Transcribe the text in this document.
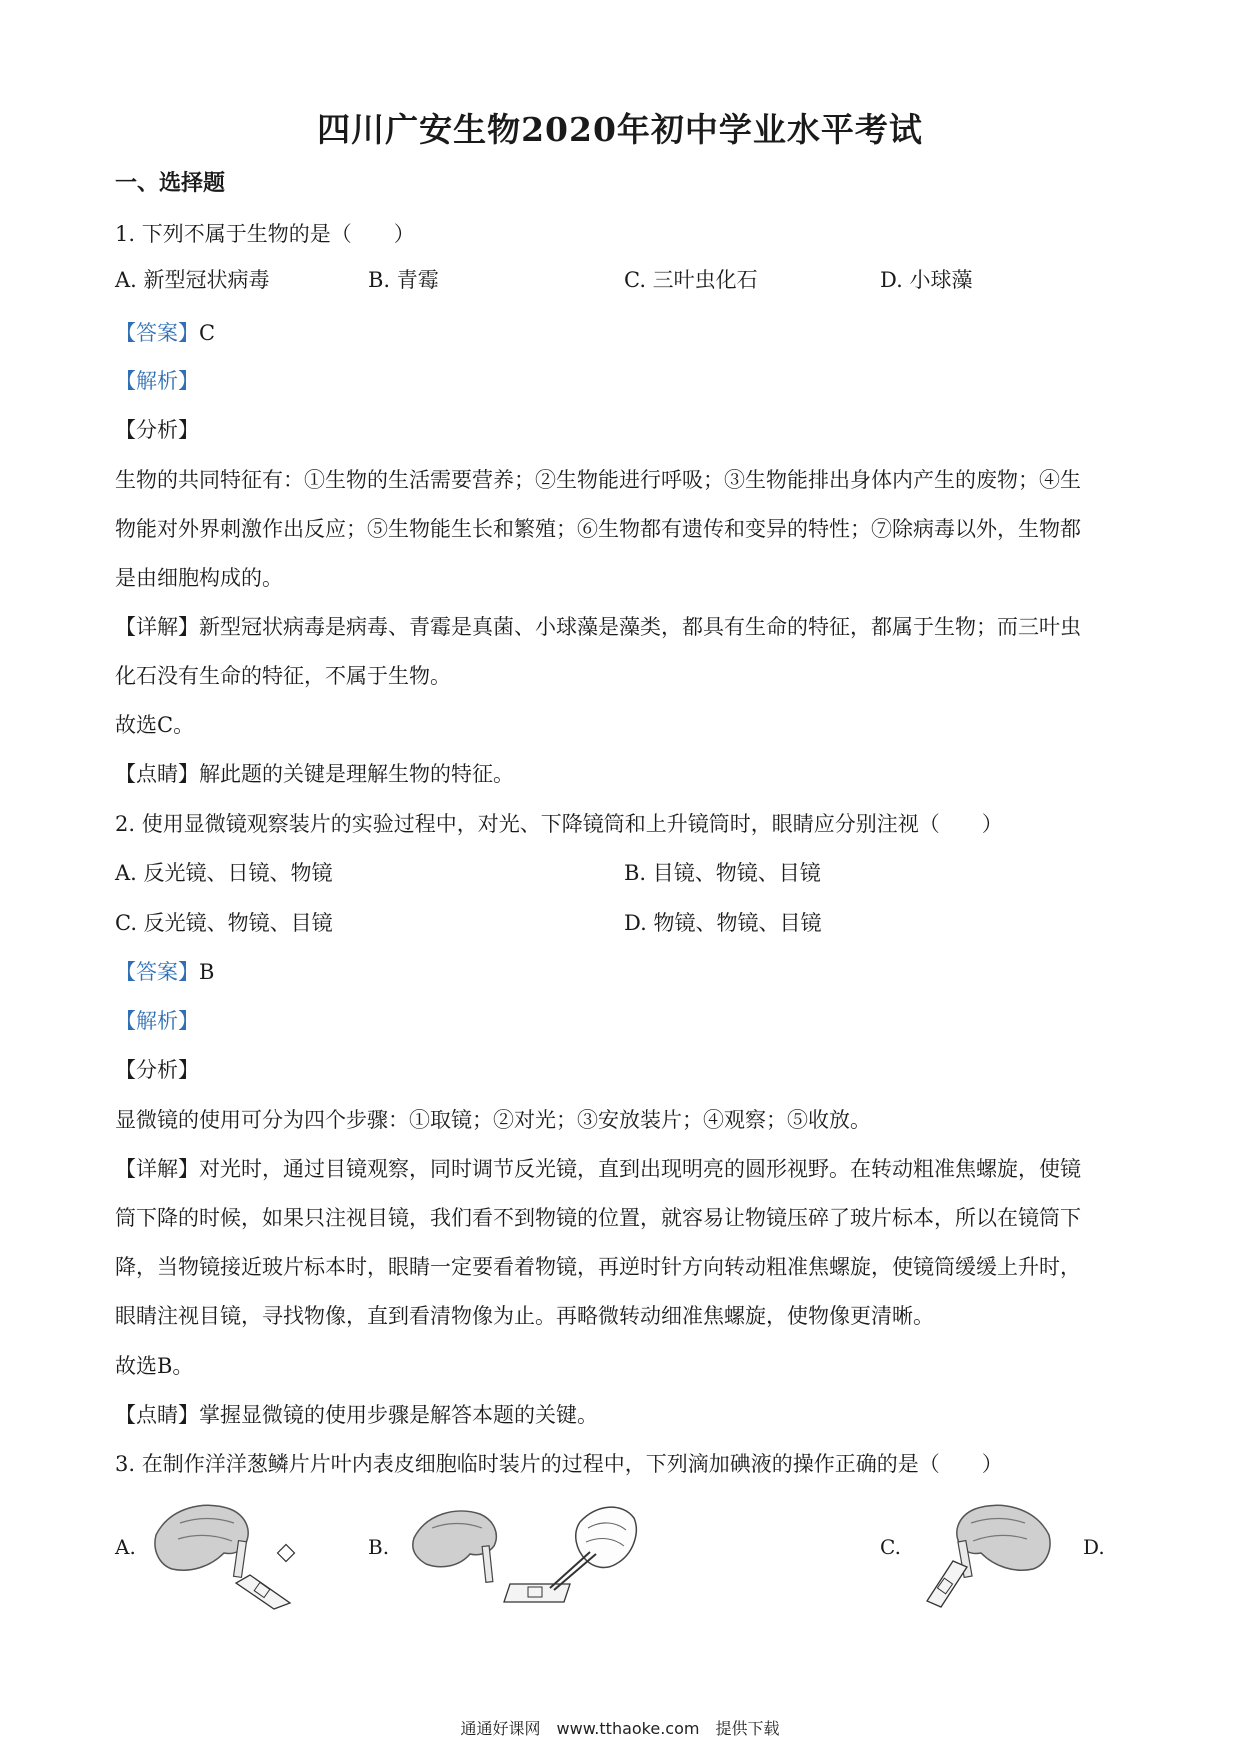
四川广安生物2020年初中学业水平考试
一、选择题
1. 下列不属于生物的是（　　）
A. 新型冠状病毒	B. 青霉	C. 三叶虫化石	D. 小球藻
【答案】C
【解析】
【分析】
生物的共同特征有：①生物的生活需要营养；②生物能进行呼吸；③生物能排出身体内产生的废物；④生
物能对外界刺激作出反应；⑤生物能生长和繁殖；⑥生物都有遗传和变异的特性；⑦除病毒以外，生物都
是由细胞构成的。
【详解】新型冠状病毒是病毒、青霉是真菌、小球藻是藻类，都具有生命的特征，都属于生物；而三叶虫
化石没有生命的特征，不属于生物。
故选C。
【点睛】解此题的关键是理解生物的特征。
2. 使用显微镜观察装片的实验过程中，对光、下降镜筒和上升镜筒时，眼睛应分别注视（　　）
A. 反光镜、日镜、物镜	B. 目镜、物镜、目镜
C. 反光镜、物镜、目镜	D. 物镜、物镜、目镜
【答案】B
【解析】
【分析】
显微镜的使用可分为四个步骤：①取镜；②对光；③安放装片；④观察；⑤收放。
【详解】对光时，通过目镜观察，同时调节反光镜，直到出现明亮的圆形视野。在转动粗准焦螺旋，使镜
筒下降的时候，如果只注视目镜，我们看不到物镜的位置，就容易让物镜压碎了玻片标本，所以在镜筒下
降，当物镜接近玻片标本时，眼睛一定要看着物镜，再逆时针方向转动粗准焦螺旋，使镜筒缓缓上升时，
眼睛注视目镜，寻找物像，直到看清物像为止。再略微转动细准焦螺旋，使物像更清晰。
故选B。
【点睛】掌握显微镜的使用步骤是解答本题的关键。
3. 在制作洋洋葱鳞片片叶内表皮细胞临时装片的过程中，下列滴加碘液的操作正确的是（　　）
A.	B.	C.	D.
通通好课网　www.tthaoke.com　提供下载
